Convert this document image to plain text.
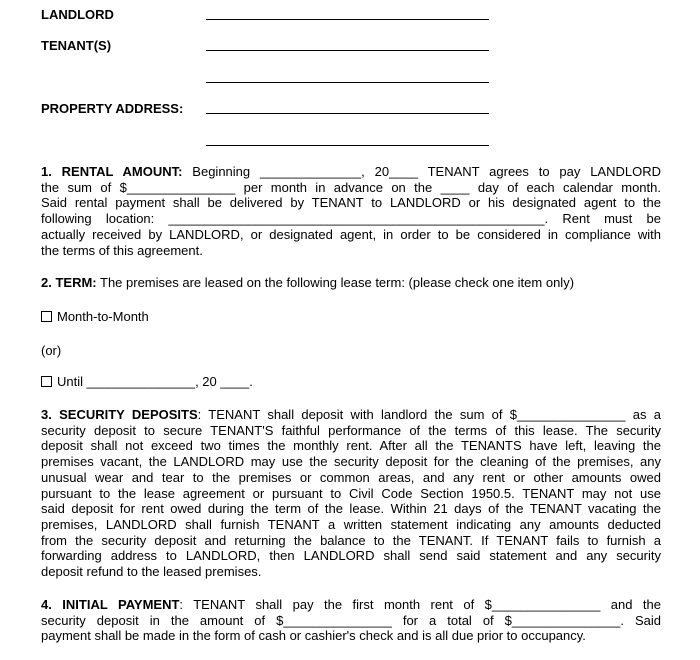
LANDLORD
TENANT(S)
PROPERTY ADDRESS:
1. RENTAL AMOUNT: Beginning ______________, 20____ TENANT agrees to pay LANDLORD
the sum of $_______________ per month in advance on the ____ day of each calendar month.
Said rental payment shall be delivered by TENANT to LANDLORD or his designated agent to the
following location: ____________________________________________________. Rent must be
actually received by LANDLORD, or designated agent, in order to be considered in compliance with
the terms of this agreement.
2. TERM: The premises are leased on the following lease term: (please check one item only)
Month-to-Month
(or)
Until _______________, 20 ____.
3. SECURITY DEPOSITS: TENANT shall deposit with landlord the sum of $_______________ as a
security deposit to secure TENANT'S faithful performance of the terms of this lease. The security
deposit shall not exceed two times the monthly rent. After all the TENANTS have left, leaving the
premises vacant, the LANDLORD may use the security deposit for the cleaning of the premises, any
unusual wear and tear to the premises or common areas, and any rent or other amounts owed
pursuant to the lease agreement or pursuant to Civil Code Section 1950.5. TENANT may not use
said deposit for rent owed during the term of the lease. Within 21 days of the TENANT vacating the
premises, LANDLORD shall furnish TENANT a written statement indicating any amounts deducted
from the security deposit and returning the balance to the TENANT. If TENANT fails to furnish a
forwarding address to LANDLORD, then LANDLORD shall send said statement and any security
deposit refund to the leased premises.
4. INITIAL PAYMENT: TENANT shall pay the first month rent of $_______________ and the
security deposit in the amount of $_______________ for a total of $_______________. Said
payment shall be made in the form of cash or cashier's check and is all due prior to occupancy.
